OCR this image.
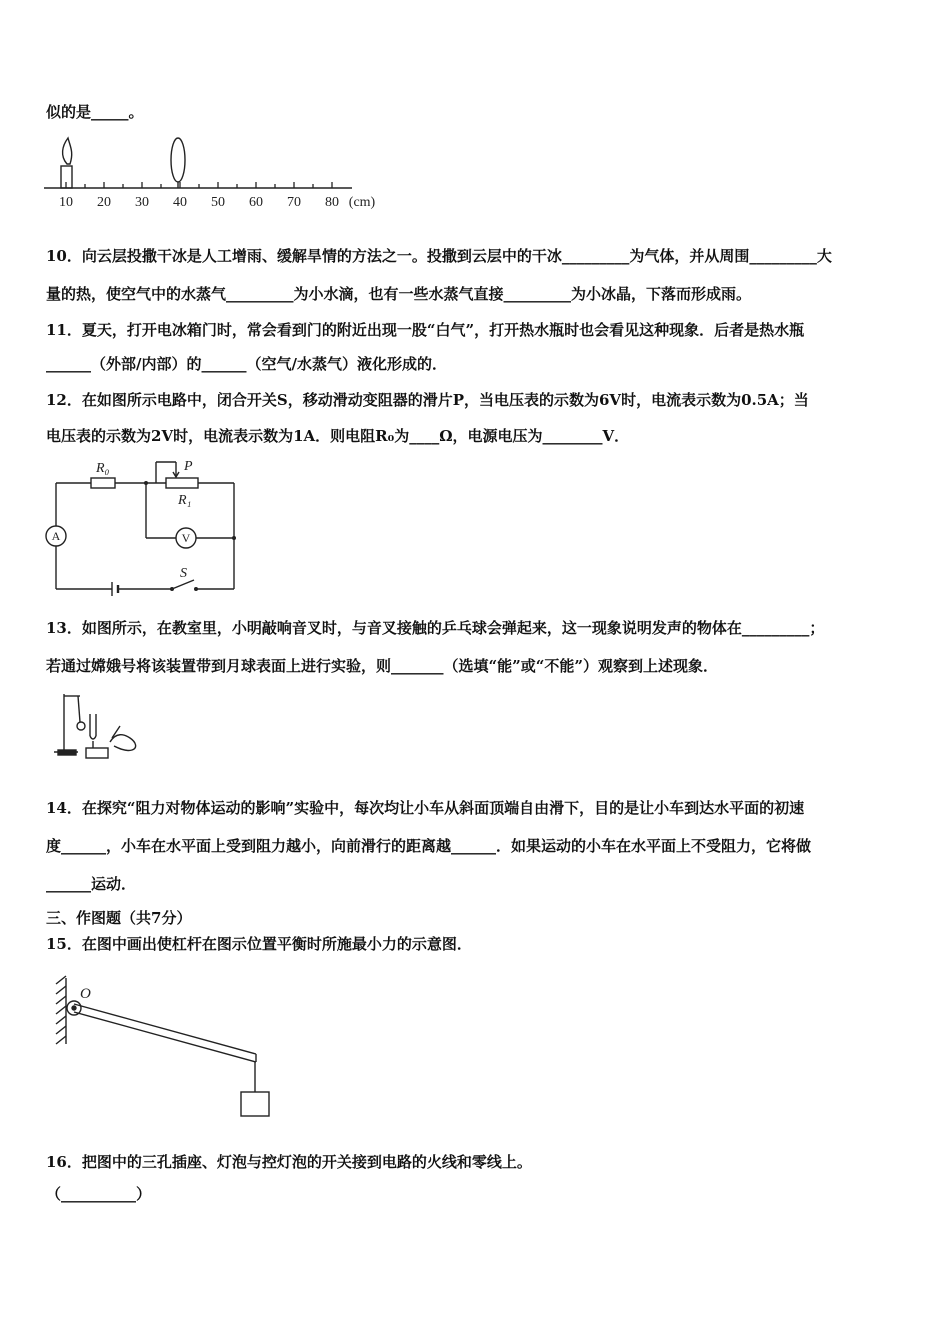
似的是_____。
10 20 30 40 50 60 70 80 (cm)
10．向云层投撒干冰是人工增雨、缓解旱情的方法之一。投撒到云层中的干冰_________为气体，并从周围_________大
量的热，使空气中的水蒸气_________为小水滴，也有一些水蒸气直接_________为小冰晶，下落而形成雨。
11．夏天，打开电冰箱门时，常会看到门的附近出现一股“白气”，打开热水瓶时也会看见这种现象．后者是热水瓶
______（外部/内部）的______（空气/水蒸气）液化形成的．
12．在如图所示电路中，闭合开关S，移动滑动变阻器的滑片P，当电压表的示数为6V时，电流表示数为0.5A；当
电压表的示数为2V时，电流表示数为1A．则电阻R₀为____Ω，电源电压为________V．
R₀	P
R₁
S
A	V
13．如图所示，在教室里，小明敲响音叉时，与音叉接触的乒乓球会弹起来，这一现象说明发声的物体在_________；
若通过嫦娥号将该装置带到月球表面上进行实验，则_______（选填“能”或“不能”）观察到上述现象．
14．在探究“阻力对物体运动的影响”实验中，每次均让小车从斜面顶端自由滑下，目的是让小车到达水平面的初速
度______，小车在水平面上受到阻力越小，向前滑行的距离越______．如果运动的小车在水平面上不受阻力，它将做
______运动．
三、作图题（共7分）
15．在图中画出使杠杆在图示位置平衡时所施最小力的示意图．
O
16．把图中的三孔插座、灯泡与控灯泡的开关接到电路的火线和零线上。
（__________）
